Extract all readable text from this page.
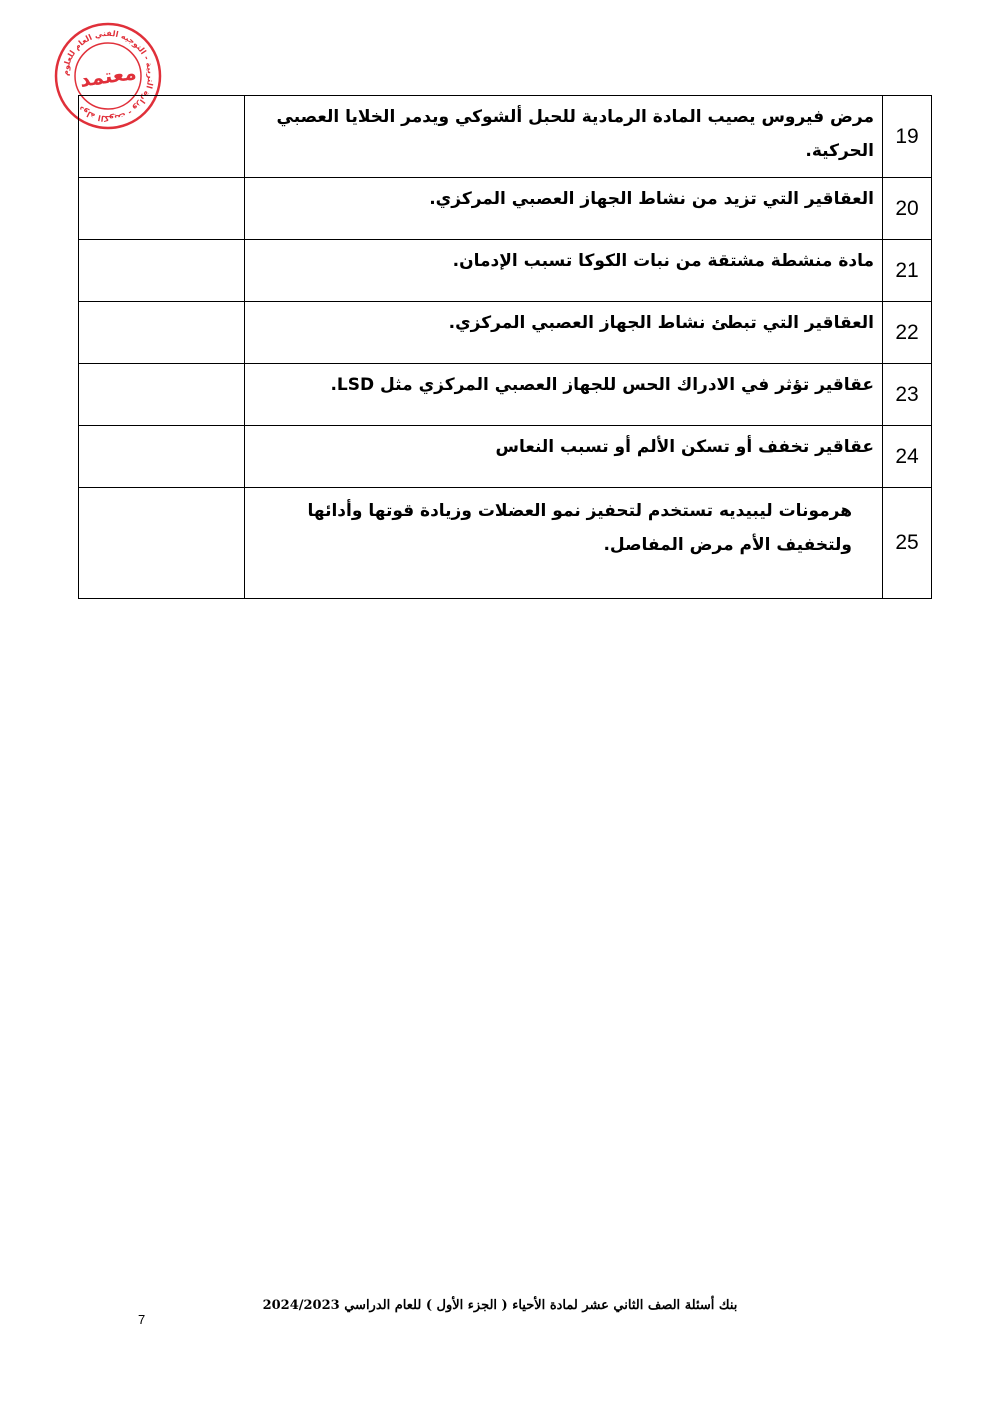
دولة الكويت - وزارة التربية - التوجيه الفني العام للعلوم
معتمد
19	مرض فيروس يصيب المادة الرمادية للحبل ألشوكي ويدمر الخلايا العصبي الحركية.	
20	العقاقير التي تزيد من نشاط الجهاز العصبي المركزي.	
21	مادة منشطة مشتقة من نبات الكوكا تسبب الإدمان.	
22	العقاقير التي تبطئ نشاط الجهاز العصبي المركزي.	
23	عقاقير تؤثر في الادراك الحس للجهاز العصبي المركزي مثل LSD.	
24	عقاقير تخفف أو تسكن الألم أو تسبب النعاس	
25	هرمونات ليبيديه تستخدم لتحفيز نمو العضلات وزيادة قوتها وأدائها ولتخفيف الأم مرض المفاصل.	
بنك أسئلة الصف الثاني عشر لمادة الأحياء ( الجزء الأول ) للعام الدراسي 2024/2023
7
